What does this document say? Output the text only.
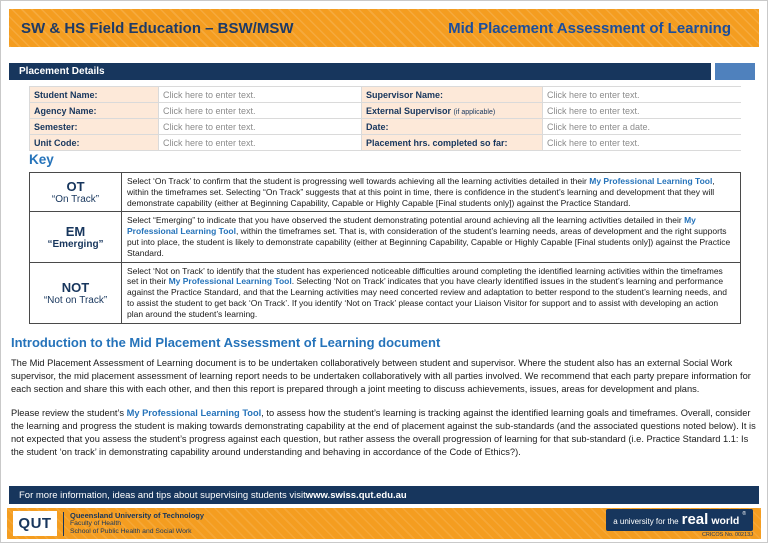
SW & HS Field Education – BSW/MSW	Mid Placement Assessment of Learning
Placement Details
Student Name:	Click here to enter text.	Supervisor Name:	Click here to enter text.
Agency Name:	Click here to enter text.	External Supervisor (if applicable)	Click here to enter text.
Semester:	Click here to enter text.	Date:	Click here to enter a date.
Unit Code:	Click here to enter text.	Placement hrs. completed so far:	Click here to enter text.
Key
OT
“On Track”	Select ‘On Track’ to confirm that the student is progressing well towards achieving all the learning activities detailed in their My Professional Learning Tool, within the timeframes set. Selecting “On Track” suggests that at this point in time, there is confidence in the student’s learning and development that they will demonstrate capability (either at Beginning Capability, Capable or Highly Capable [Final students only]) against the Practice Standard.

EM
“Emerging”	Select “Emerging” to indicate that you have observed the student demonstrating potential around achieving all the learning activities detailed in their My Professional Learning Tool, within the timeframes set. That is, with consideration of the student’s learning needs, areas of development and the right supports put into place, the student is likely to demonstrate capability (either at Beginning Capability, Capable or Highly Capable [Final students only]) against the Practice Standard.

NOT
“Not on Track”	Select ‘Not on Track’ to identify that the student has experienced noticeable difficulties around completing the identified learning activities within the timeframes set in their My Professional Learning Tool. Selecting ‘Not on Track’ indicates that you have clearly identified issues in the student’s learning and performance against the Practice Standard, and that the Learning activities may need concerted review and adaptation to better respond to the student’s learning needs, and to assist the student to get back ‘On Track’. If you identify ‘Not on Track’ please contact your Liaison Visitor for support and to assist with developing an action plan around the student’s learning.
Introduction to the Mid Placement Assessment of Learning document

The Mid Placement Assessment of Learning document is to be undertaken collaboratively between student and supervisor. Where the student also has an external Social Work supervisor, the mid placement assessment of learning report needs to be undertaken collaboratively with all parties involved. We recommend that each party prepare information for each section and share this with each other, and then this report is prepared through a joint meeting to discuss achievements, issues, areas for development and plans.

Please review the student’s My Professional Learning Tool, to assess how the student’s learning is tracking against the identified learning goals and timeframes. Overall, consider the learning and progress the student is making towards demonstrating capability at the end of placement against the sub-standards (and the associated questions noted below). It is not expected that you assess the student’s progress against each question, but rather assess the overall progression of learning for that sub-standard (i.e. Practice Standard 1.1: Is the student ‘on track’ in demonstrating capability around understanding and behaving in accordance of the Code of Ethics?).

For more information, ideas and tips about supervising students visit www.swiss.qut.edu.au
QUT	Queensland University of Technology
Faculty of Health
School of Public Health and Social Work
a university for the real world
®
CRICOS No. 00213J
